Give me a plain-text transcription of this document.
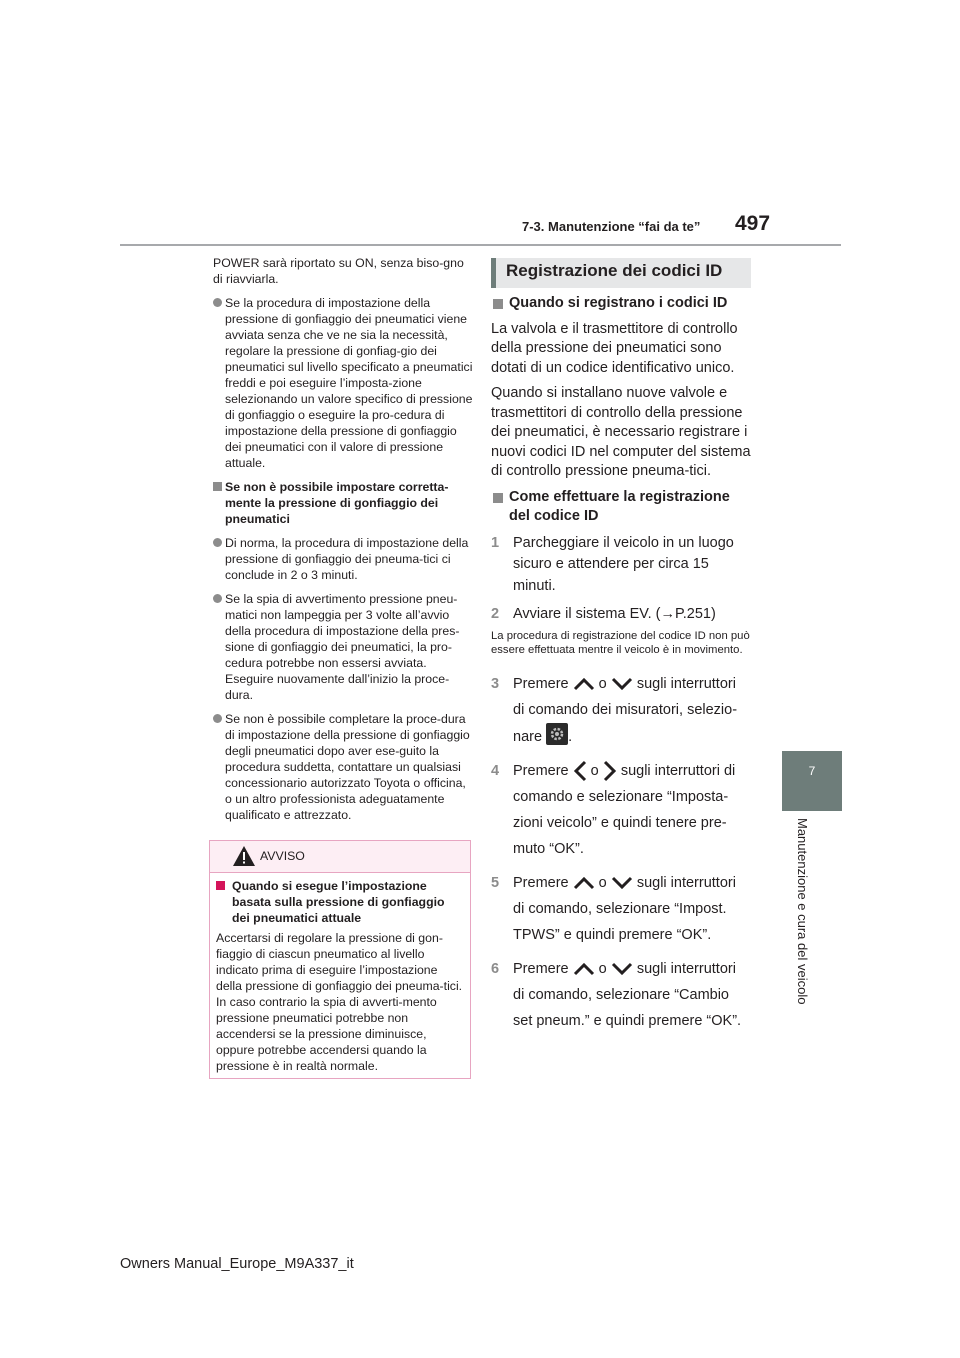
7-3. Manutenzione “fai da te” 497
7
Manutenzione e cura del veicolo
POWER sarà riportato su ON, senza biso-gno di riavviarla.
Se la procedura di impostazione della pressione di gonfiaggio dei pneumatici viene avviata senza che ve ne sia la necessità, regolare la pressione di gonfiag-gio dei pneumatici sul livello specificato a pneumatici freddi e poi eseguire l’imposta-zione selezionando un valore specifico di pressione di gonfiaggio o eseguire la pro-cedura di impostazione della pressione di gonfiaggio dei pneumatici con il valore di pressione attuale.
Se non è possibile impostare corretta-mente la pressione di gonfiaggio dei pneumatici
Di norma, la procedura di impostazione della pressione di gonfiaggio dei pneuma-tici ci conclude in 2 o 3 minuti.
Se la spia di avvertimento pressione pneu-matici non lampeggia per 3 volte all’avvio della procedura di impostazione della pres-sione di gonfiaggio dei pneumatici, la pro-cedura potrebbe non essersi avviata. Eseguire nuovamente dall’inizio la proce-dura.
Se non è possibile completare la proce-dura di impostazione della pressione di gonfiaggio degli pneumatici dopo aver ese-guito la procedura suddetta, contattare un qualsiasi concessionario autorizzato Toyota o officina, o un altro professionista adeguatamente qualificato e attrezzato.
AVVISO
Quando si esegue l’impostazione basata sulla pressione di gonfiaggio dei pneumatici attuale
Accertarsi di regolare la pressione di gon-fiaggio di ciascun pneumatico al livello indicato prima di eseguire l’impostazione della pressione di gonfiaggio dei pneuma-tici. In caso contrario la spia di avverti-mento pressione pneumatici potrebbe non accendersi se la pressione diminuisce, oppure potrebbe accendersi quando la pressione è in realtà normale.
Registrazione dei codici ID
Quando si registrano i codici ID
La valvola e il trasmettitore di controllo della pressione dei pneumatici sono dotati di un codice identificativo unico.
Quando si installano nuove valvole e trasmettitori di controllo della pressione dei pneumatici, è necessario registrare i nuovi codici ID nel computer del sistema di controllo pressione pneuma-tici.
Come effettuare la registrazione del codice ID
1 Parcheggiare il veicolo in un luogo sicuro e attendere per circa 15 minuti.
2 Avviare il sistema EV. (→P.251)
La procedura di registrazione del codice ID non può essere effettuata mentre il veicolo è in movimento.
3 Premere o sugli interruttori di comando dei misuratori, selezio-nare .
4 Premere o sugli interruttori di comando e selezionare “Imposta-zioni veicolo” e quindi tenere pre-muto “OK”.
5 Premere o sugli interruttori di comando, selezionare “Impost. TPWS” e quindi premere “OK”.
6 Premere o sugli interruttori di comando, selezionare “Cambio set pneum.” e quindi premere “OK”.
Owners Manual_Europe_M9A337_it
